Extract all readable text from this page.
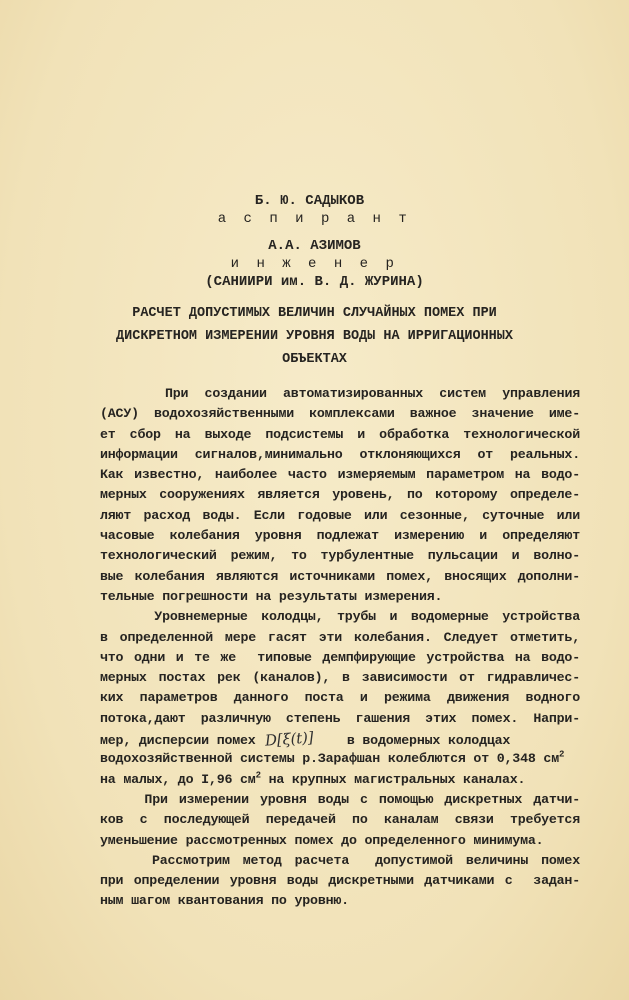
Б. Ю. САДЫКОВ
а с п и р а н т
А.А. АЗИМОВ
и н ж е н е р
(САНИИРИ им. В. Д. ЖУРИНА)
РАСЧЕТ ДОПУСТИМЫХ ВЕЛИЧИН СЛУЧАЙНЫХ ПОМЕХ ПРИ
ДИСКРЕТНОМ ИЗМЕРЕНИИ УРОВНЯ ВОДЫ НА ИРРИГАЦИОННЫХ
ОБЪЕКТАХ
При создании автоматизированных систем управления
(АСУ) водохозяйственными комплексами важное значение име-
ет сбор на выходе подсистемы и обработка технологической
информации сигналов,минимально отклоняющихся от реальных.
Как известно, наиболее часто измеряемым параметром на водо-
мерных сооружениях является уровень, по которому определе-
ляют расход воды. Если годовые или сезонные, суточные или
часовые колебания уровня подлежат измерению и определяют
технологический режим, то турбулентные пульсации и волно-
вые колебания являются источниками помех, вносящих дополни-
тельные погрешности на результаты измерения.
Уровнемерные колодцы, трубы и водомерные устройства
в определенной мере гасят эти колебания. Следует отметить,
что одни и те же  типовые демпфирующие устройства на водо-
мерных постах рек (каналов), в зависимости от гидравличес-
ких параметров данного поста и режима движения водного
потока,дают различную степень гашения этих помех. Напри-
мер, дисперсии помех D[ξ(t)]    в водомерных колодцах
водохозяйственной системы р.Зарафшан колеблются от 0,348 $см^2$
на малых, до I,96 $см^2$ на крупных магистральных каналах.
При измерении уровня воды с помощью дискретных датчи-
ков с последующей передачей по каналам связи требуется
уменьшение рассмотренных помех до определенного минимума.
Рассмотрим метод расчета  допустимой величины помех
при определении уровня воды дискретными датчиками с  задан-
ным шагом квантования по уровню.
